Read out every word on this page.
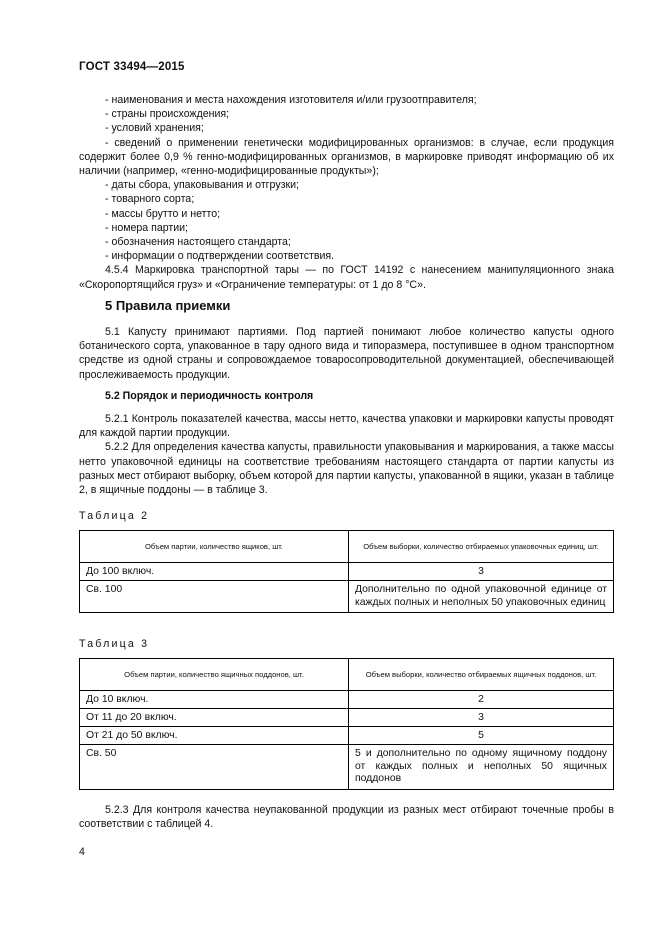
ГОСТ 33494—2015
- наименования и места нахождения изготовителя и/или грузоотправителя;
- страны происхождения;
- условий хранения;
- сведений о применении генетически модифицированных организмов: в случае, если продукция содержит более 0,9 % генно-модифицированных организмов, в маркировке приводят информацию об их наличии (например, «генно-модифицированные продукты»);
- даты сбора, упаковывания и отгрузки;
- товарного сорта;
- массы брутто и нетто;
- номера партии;
- обозначения настоящего стандарта;
- информации о подтверждении соответствия.
4.5.4 Маркировка транспортной тары — по ГОСТ 14192 с нанесением манипуляционного знака «Скоропортящийся груз» и «Ограничение температуры: от 1 до 8 °С».
5 Правила приемки
5.1 Капусту принимают партиями. Под партией понимают любое количество капусты одного ботанического сорта, упакованное в тару одного вида и типоразмера, поступившее в одном транспортном средстве из одной страны и сопровождаемое товаросопроводительной документацией, обеспечивающей прослеживаемость продукции.
5.2 Порядок и периодичность контроля
5.2.1 Контроль показателей качества, массы нетто, качества упаковки и маркировки капусты проводят для каждой партии продукции.
5.2.2 Для определения качества капусты, правильности упаковывания и маркирования, а также массы нетто упаковочной единицы на соответствие требованиям настоящего стандарта от партии капусты из разных мест отбирают выборку, объем которой для партии капусты, упакованной в ящики, указан в таблице 2, в ящичные поддоны — в таблице 3.
Таблица 2
Объем партии, количество ящиков, шт.	Объем выборки, количество отбираемых упаковочных единиц, шт.
До 100 включ.	3
Св. 100	Дополнительно по одной упаковочной единице от каждых полных и неполных 50 упаковочных единиц
Таблица 3
Объем партии, количество ящичных поддонов, шт.	Объем выборки, количество отбираемых ящичных поддонов, шт.
До 10 включ.	2
От 11 до 20 включ.	3
От 21 до 50 включ.	5
Св. 50	5 и дополнительно по одному ящичному поддону от каждых полных и неполных 50 ящичных поддонов
5.2.3 Для контроля качества неупакованной продукции из разных мест отбирают точечные пробы в соответствии с таблицей 4.
4
